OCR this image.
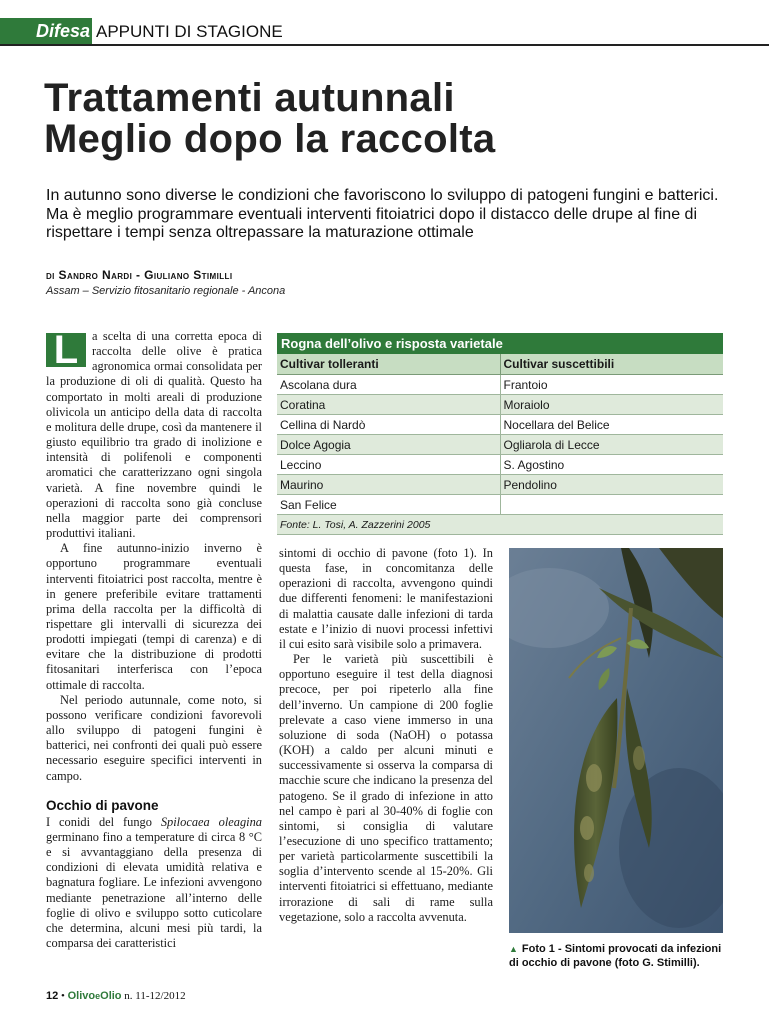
Difesa APPUNTI DI STAGIONE
Trattamenti autunnali
Meglio dopo la raccolta
In autunno sono diverse le condizioni che favoriscono lo sviluppo di patogeni fungini e batterici. Ma è meglio programmare eventuali interventi fitoiatrici dopo il distacco delle drupe al fine di rispettare i tempi senza oltrepassare la maturazione ottimale
di Sandro Nardi - Giuliano Stimilli
Assam – Servizio fitosanitario regionale - Ancona

L	a scelta di una corretta epoca di raccolta delle olive è pratica agronomica ormai consolidata per la produzione di oli di qualità. Questo ha comportato in molti areali di produzione olivicola un anticipo della data di raccolta e molitura delle drupe, così da mantenere il giusto equilibrio tra grado di inolizione e intensità di polifenoli e componenti aromatici che caratterizzano ogni singola varietà. A fine novembre quindi le operazioni di raccolta sono già concluse nella maggior parte dei comprensori produttivi italiani.

A fine autunno-inizio inverno è opportuno programmare eventuali interventi fitoiatrici post raccolta, mentre è in genere preferibile evitare trattamenti prima della raccolta per la difficoltà di rispettare gli intervalli di sicurezza dei prodotti impiegati (tempi di carenza) e di evitare che la distribuzione di prodotti fitosanitari interferisca con l’epoca ottimale di raccolta.

Nel periodo autunnale, come noto, si possono verificare condizioni favorevoli allo sviluppo di patogeni fungini è batterici, nei confronti dei quali può essere necessario eseguire specifici interventi in campo.

Occhio di pavone

I conidi del fungo Spilocaea oleagina germinano fino a temperature di circa 8 °C e si avvantaggiano della presenza di condizioni di elevata umidità relativa e bagnatura fogliare. Le infezioni avvengono mediante penetrazione all’interno delle foglie di olivo e sviluppo sotto cuticolare che determina, alcuni mesi più tardi, la comparsa dei caratteristici

Rogna dell’olivo e risposta varietale
Cultivar tolleranti	Cultivar suscettibili
Ascolana dura	Frantoio
Coratina	Moraiolo
Cellina di Nardò	Nocellara del Belice
Dolce Agogia	Ogliarola di Lecce
Leccino	S. Agostino
Maurino	Pendolino
San Felice	
Fonte: L. Tosi, A. Zazzerini 2005	

sintomi di occhio di pavone (foto 1). In questa fase, in concomitanza delle operazioni di raccolta, avvengono quindi due differenti fenomeni: le manifestazioni di malattia causate dalle infezioni di tarda estate e l’inizio di nuovi processi infettivi il cui esito sarà visibile solo a primavera.

Per le varietà più suscettibili è opportuno eseguire il test della diagnosi precoce, per poi ripeterlo alla fine dell’inverno. Un campione di 200 foglie prelevate a caso viene immerso in una soluzione di soda (NaOH) o potassa (KOH) a caldo per alcuni minuti e successivamente si osserva la comparsa di macchie scure che indicano la presenza del patogeno. Se il grado di infezione in atto nel campo è pari al 30-40% di foglie con sintomi, si consiglia di valutare l’esecuzione di uno specifico trattamento; per varietà particolarmente suscettibili la soglia d’intervento scende al 15-20%. Gli interventi fitoiatrici si effettuano, mediante irrorazione di sali di rame sulla vegetazione, solo a raccolta avvenuta.

▲ Foto 1 - Sintomi provocati da infezioni di occhio di pavone (foto G. Stimilli).
12 • OlivoeOlio n. 11-12/2012
